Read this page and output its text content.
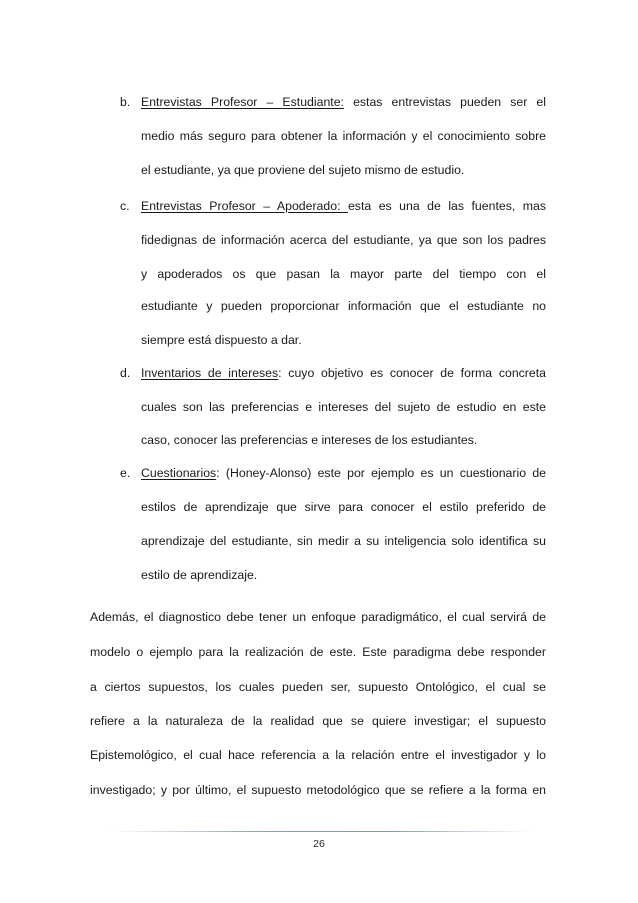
b. Entrevistas Profesor – Estudiante: estas entrevistas pueden ser el
medio más seguro para obtener la información y el conocimiento sobre
el estudiante, ya que proviene del sujeto mismo de estudio.
c. Entrevistas Profesor – Apoderado: esta es una de las fuentes, mas
fidedignas de información acerca del estudiante, ya que son los padres
y apoderados os que pasan la mayor parte del tiempo con el
estudiante y pueden proporcionar información que el estudiante no
siempre está dispuesto a dar.
d. Inventarios de intereses: cuyo objetivo es conocer de forma concreta
cuales son las preferencias e intereses del sujeto de estudio en este
caso, conocer las preferencias e intereses de los estudiantes.
e. Cuestionarios: (Honey-Alonso) este por ejemplo es un cuestionario de
estilos de aprendizaje que sirve para conocer el estilo preferido de
aprendizaje del estudiante, sin medir a su inteligencia solo identifica su
estilo de aprendizaje.
Además, el diagnostico debe tener un enfoque paradigmático, el cual servirá de
modelo o ejemplo para la realización de este. Este paradigma debe responder
a ciertos supuestos, los cuales pueden ser, supuesto Ontológico, el cual se
refiere a la naturaleza de la realidad que se quiere investigar; el supuesto
Epistemológico, el cual hace referencia a la relación entre el investigador y lo
investigado; y por último, el supuesto metodológico que se refiere a la forma en
26
